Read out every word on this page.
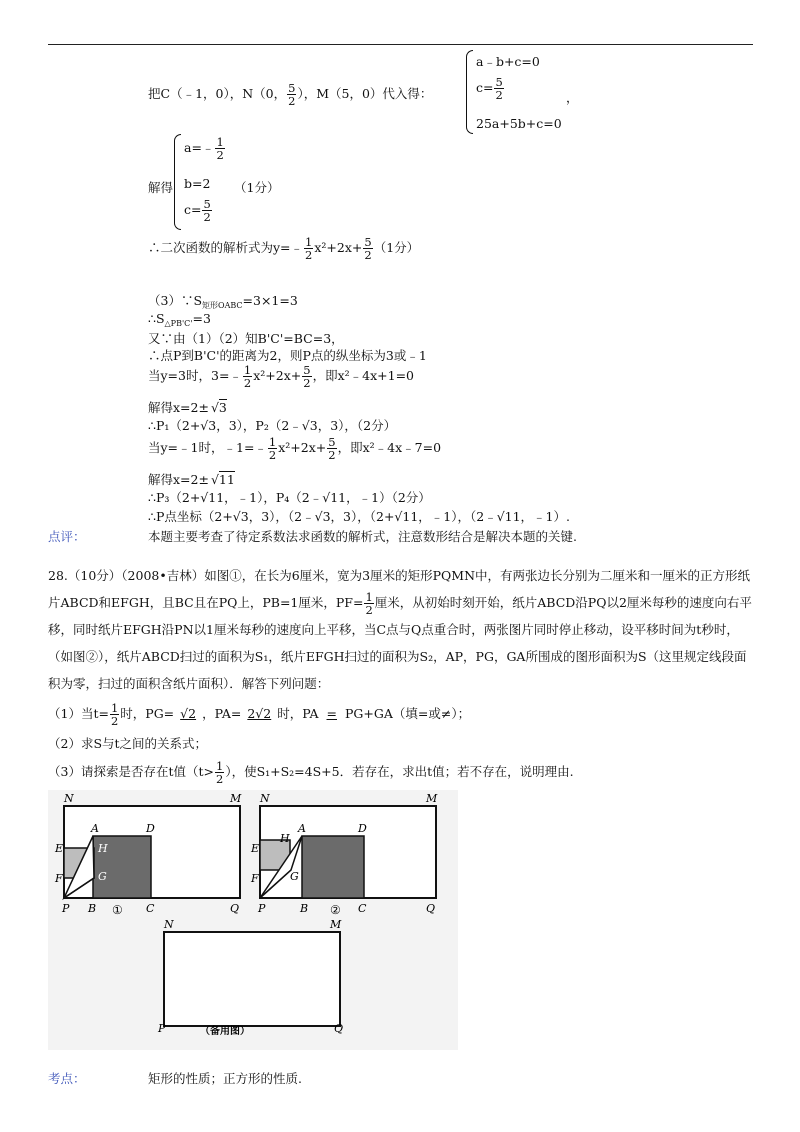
把C（﹣1，0），N（0， $\frac{5}{2}$ ），M（5，0）代入得：
a﹣b+c=0
$c= \frac{5}{2}$
25a+5b+c=0
，
解得
a=﹣ $\frac{1}{2}$
b=2 （1分）
$c= \frac{5}{2}$
∴二次函数的解析式为y=﹣ $\frac{1}{2} x^2+2x+ \frac{5}{2} (1$分）
$(3)\because S_{矩形OABC}=3\times 1=3$
$\therefore S_{\triangle PB'C'}=3$
又∵由（1）（2）知B'C'=BC=3，
∴点P到B'C'的距离为2，则P点的纵坐标为3或﹣1
当y=3时，3=﹣ $\frac{1}{2} x^2+2x+ \frac{5}{2}$ ，即x²﹣4x+1=0
解得x=2± √3
∴P₁（2+√3，3），P₂（2﹣√3，3），（2分）
当y=﹣1时，﹣1=﹣ $\frac{1}{2} x^2+2x+ \frac{5}{2}$ ，即x²﹣4x﹣7=0
解得x=2± √11
∴P₃（2+√11，﹣1），P₄（2﹣√11，﹣1）（2分）
∴P点坐标（2+√3，3），（2﹣√3，3），（2+√11，﹣1），（2﹣√11，﹣1）.
点评：	本题主要考查了待定系数法求函数的解析式，注意数形结合是解决本题的关键.
28.（10分）（2008•吉林）如图①，在长为6厘米，宽为3厘米的矩形PQMN中，有两张边长分别为二厘米和一厘米的正方形纸片ABCD和EFGH，且BC且在PQ上，PB=1厘米，$PF= \frac{1}{2}$ 厘米，从初始时刻开始，纸片ABCD沿PQ以2厘米每秒的速度向右平移，同时纸片EFGH沿PN以1厘米每秒的速度向上平移，当C点与Q点重合时，两张图片同时停止移动，设平移时间为t秒时，（如图②），纸片ABCD扫过的面积为S₁，纸片EFGH扫过的面积为S₂，AP，PG，GA所围成的图形面积为S（这里规定线段面积为零，扫过的面积含纸片面积）．解答下列问题：
（1）当$t= \frac{1}{2}$ 时，PG= √2 ，PA= 2√2 时，PA = PG+GA（填=或≠）；
（2）求S与t之间的关系式；
（3）请探索是否存在t值（$t> \frac{1}{2}$ ），使S₁+S₂=4S+5．若存在，求出t值；若不存在，说明理由.
N	M
A	D
E	H
F	G
P B	C	Q
①
N	M
A	D
E
H
F	G
P	B	C	Q
②
N	M
P	Q
（备用图）
考点：	矩形的性质；正方形的性质.
